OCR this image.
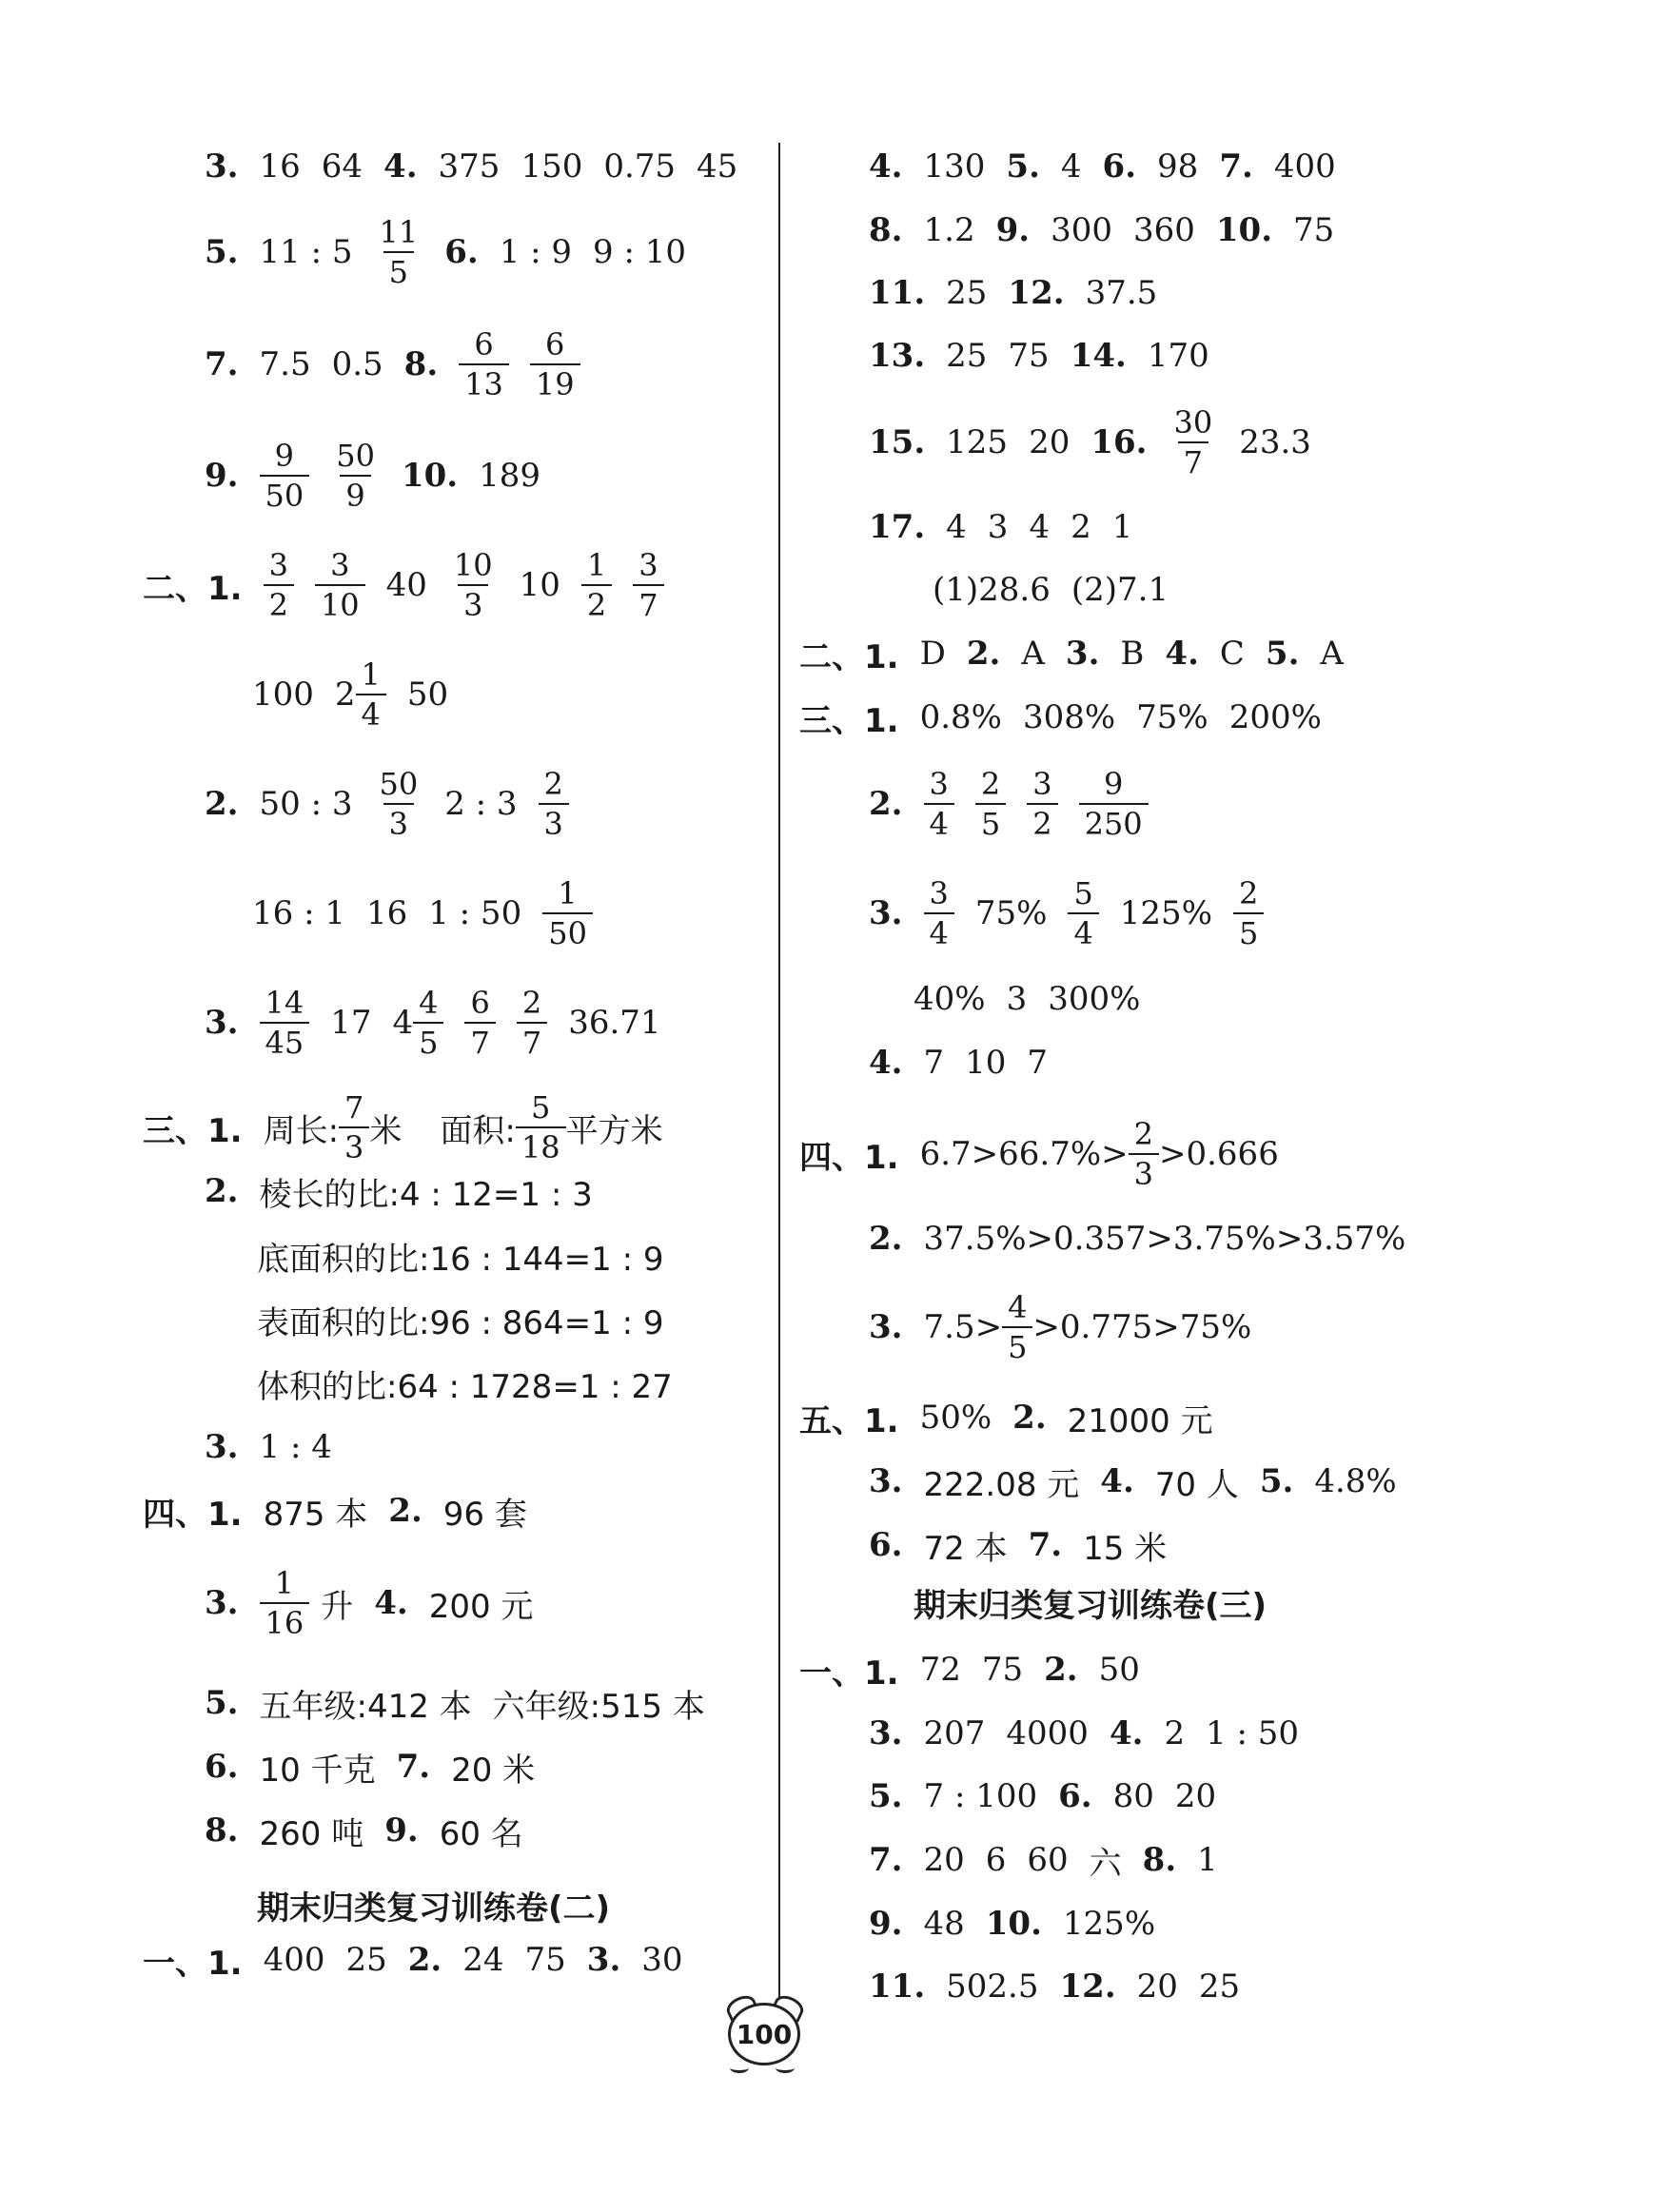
3. 16 64 4. 375 150 0.75 45
5. 11 : $5 \frac{11}{5} 6$. 1 : 9 9 : 10
7. 7.5 0.5 8. $\frac{6}{13} \frac{6}{19}$
9. $\frac{9}{50} \frac{50}{9} 10$. 189
二、1. $\frac{3}{2} \frac{3}{10} 40 \frac{10}{3} 10 \frac{1}{2} \frac{3}{7}$
100 $2 \frac{1}{4} 50$
2. 50 : $3 \frac{50}{3} 2$ : $3 \frac{2}{3}$
16 : 1 16 1 : $50 \frac{1}{50}$
3. $\frac{14}{45} 17$ $4 \frac{4}{5} \frac{6}{7} \frac{2}{7} 36.71$
三、1. 周长: $\frac{7}{3}$ 米 面积: $\frac{5}{18}$ 平方米
2. 棱长的比:4 : 12=1 : 3
底面积的比:16 : 144=1 : 9
表面积的比:96 : 864=1 : 9
体积的比:64 : 1728=1 : 27
3. 1 : 4
四、1. 875 本 2. 96 套
3. $\frac{1}{16}$ 升 4. 200 元
5. 五年级:412 本 六年级:515 本
6. 10 千克 7. 20 米
8. 260 吨 9. 60 名
期末归类复习训练卷(二)
一、1. 400 25 2. 24 75 3. 30
4. 130 5. 4 6. 98 7. 400
8. 1.2 9. 300 360 10. 75
11. 25 12. 37.5
13. 25 75 14. 170
15. 125 20 16. $\frac{30}{7} 23.3$
17. 4 3 4 2 1
(1)28.6 (2)7.1
二、1. D 2. A 3. B 4. C 5. A
三、1. 0.8% 308% 75% 200%
2. $\frac{3}{4} \frac{2}{5} \frac{3}{2} \frac{9}{250}$
3. $\frac{3}{4} 75\% \frac{5}{4} 125\% \frac{2}{5}$
40% 3 300%
4. 7 10 7
四、1. $6.7>66.7\%> \frac{2}{3} >0.666$
2. 37.5%>0.357>3.75%>3.57%
3. $7.5> \frac{4}{5} >0.775>75\%$
五、1. 50% 2. 21000 元
3. 222.08 元 4. 70 人 5. 4.8%
6. 72 本 7. 15 米
期末归类复习训练卷(三)
一、1. 72 75 2. 50
3. 207 4000 4. 2 1 : 50
5. 7 : 100 6. 80 20
7. 20 6 60 六 8. 1
9. 48 10. 125%
11. 502.5 12. 20 25
100
